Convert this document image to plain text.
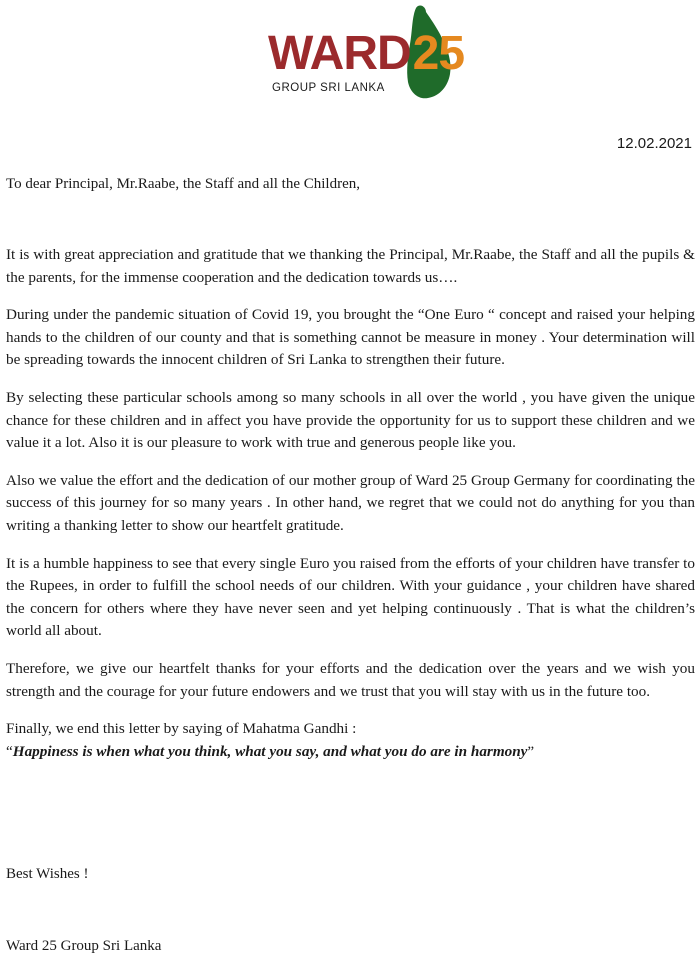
WARD25
GROUP SRI LANKA
12.02.2021
To dear Principal, Mr.Raabe, the Staff and all the Children,

It is with great appreciation and gratitude that we thanking the Principal, Mr.Raabe, the Staff and all the pupils & the parents, for the immense cooperation and the dedication towards us….

During under the pandemic situation of Covid 19, you brought the “One Euro “ concept and raised your helping hands to the children of our county and that is something cannot be measure in money . Your determination will be spreading towards the innocent children of Sri Lanka to strengthen their future.

By selecting these particular schools among so many schools in all over the world , you have given the unique chance for these children and in affect you have provide the opportunity for us to support these children and we value it a lot. Also it is our pleasure to work with true and generous people like you.

Also we value the effort and the dedication of our mother group of Ward 25 Group Germany for coordinating the success of this journey for so many years . In other hand, we regret that we could not do anything for you than writing a thanking letter to show our heartfelt gratitude.

It is a humble happiness to see that every single Euro you raised from the efforts of your children have transfer to the Rupees, in order to fulfill the school needs of our children. With your guidance , your children have shared the concern for others where they have never seen and yet helping continuously . That is what the children’s world all about.

Therefore, we give our heartfelt thanks for your efforts and the dedication over the years and we wish you strength and the courage for your future endowers and we trust that you will stay with us in the future too.

Finally, we end this letter by saying of Mahatma Gandhi :
“Happiness is when what you think, what you say, and what you do are in harmony”
Best Wishes !
Ward 25 Group Sri Lanka
